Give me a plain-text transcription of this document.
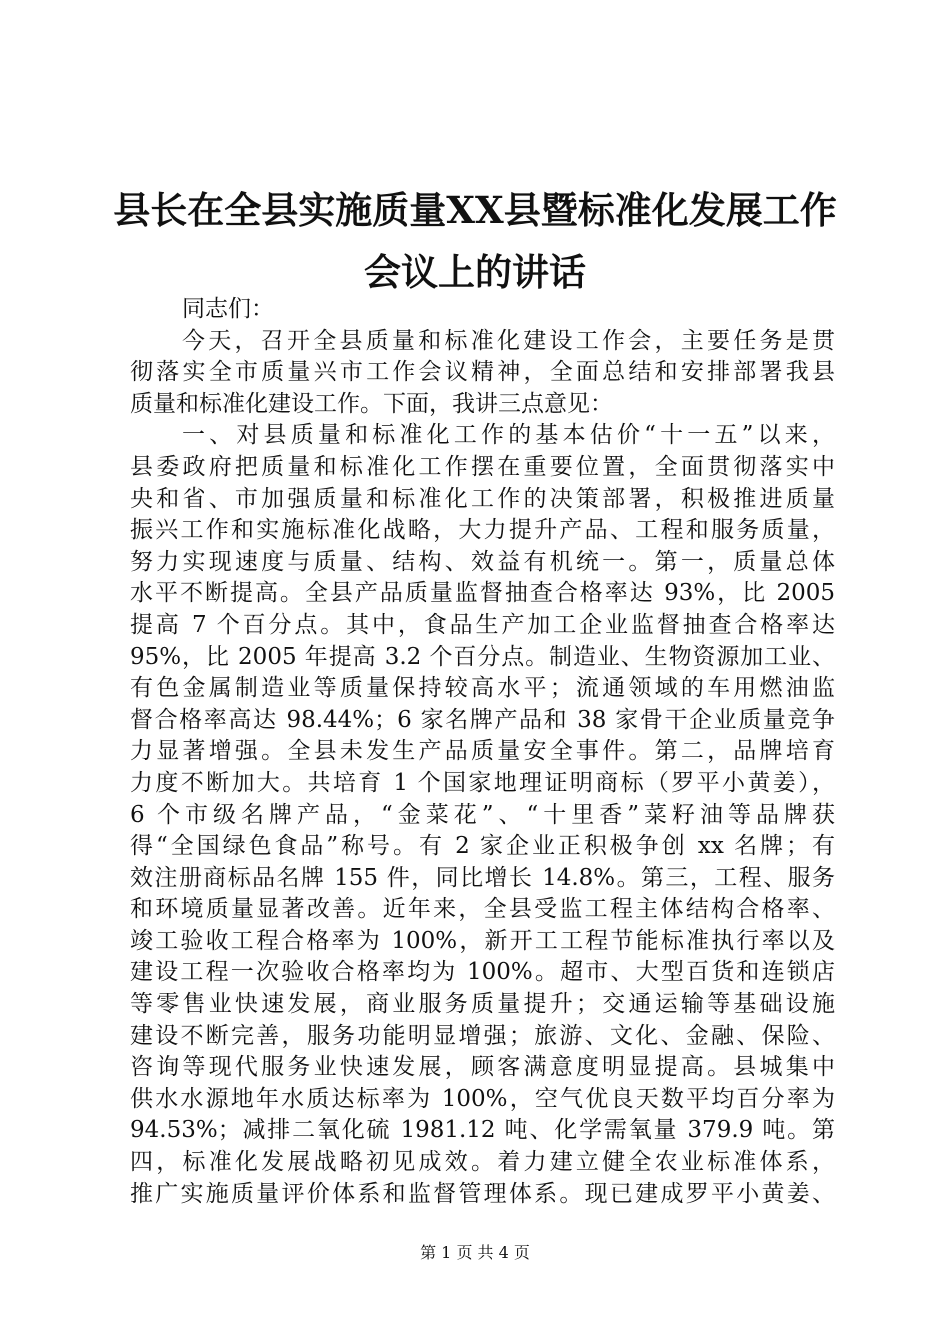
县长在全县实施质量XX县暨标准化发展工作
会议上的讲话
同志们：
今天，召开全县质量和标准化建设工作会，主要任务是贯
彻落实全市质量兴市工作会议精神，全面总结和安排部署我县
质量和标准化建设工作。下面，我讲三点意见：
一、对县质量和标准化工作的基本估价“十一五”以来，
县委政府把质量和标准化工作摆在重要位置，全面贯彻落实中
央和省、市加强质量和标准化工作的决策部署，积极推进质量
振兴工作和实施标准化战略，大力提升产品、工程和服务质量，
努力实现速度与质量、结构、效益有机统一。第一，质量总体
水平不断提高。全县产品质量监督抽查合格率达 93%，比 2005
提高 7 个百分点。其中，食品生产加工企业监督抽查合格率达
95%，比 2005 年提高 3.2 个百分点。制造业、生物资源加工业、
有色金属制造业等质量保持较高水平；流通领域的车用燃油监
督合格率高达 98.44%；6 家名牌产品和 38 家骨干企业质量竞争
力显著增强。全县未发生产品质量安全事件。第二，品牌培育
力度不断加大。共培育 1 个国家地理证明商标（罗平小黄姜），
6 个市级名牌产品，“金菜花”、“十里香”菜籽油等品牌获
得“全国绿色食品”称号。有 2 家企业正积极争创 xx 名牌；有
效注册商标品名牌 155 件，同比增长 14.8%。第三，工程、服务
和环境质量显著改善。近年来，全县受监工程主体结构合格率、
竣工验收工程合格率为 100%，新开工工程节能标准执行率以及
建设工程一次验收合格率均为 100%。超市、大型百货和连锁店
等零售业快速发展，商业服务质量提升；交通运输等基础设施
建设不断完善，服务功能明显增强；旅游、文化、金融、保险、
咨询等现代服务业快速发展，顾客满意度明显提高。县城集中
供水水源地年水质达标率为 100%，空气优良天数平均百分率为
94.53%；减排二氧化硫 1981.12 吨、化学需氧量 379.9 吨。第
四，标准化发展战略初见成效。着力建立健全农业标准体系，
推广实施质量评价体系和监督管理体系。现已建成罗平小黄姜、
第 1 页 共 4 页
